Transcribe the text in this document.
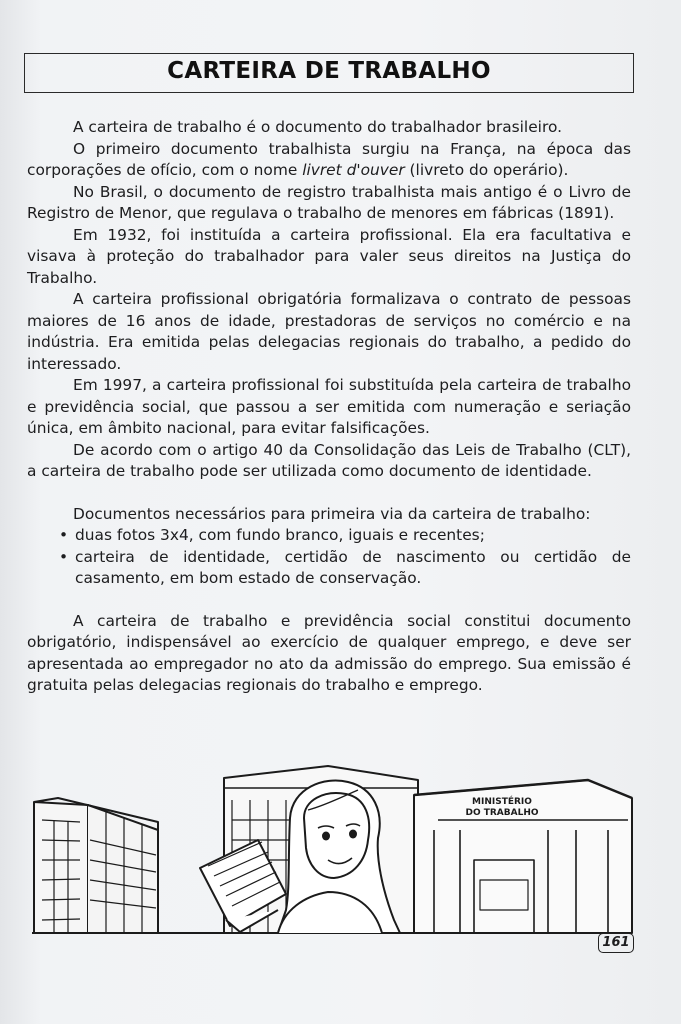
CARTEIRA DE TRABALHO

A carteira de trabalho é o documento do trabalhador brasileiro.

O primeiro documento trabalhista surgiu na França, na época das corporações de ofício, com o nome livret d'ouver (livreto do operário).

No Brasil, o documento de registro trabalhista mais antigo é o Livro de Registro de Menor, que regulava o trabalho de menores em fábricas (1891).

Em 1932, foi instituída a carteira profissional. Ela era facultativa e visava à proteção do trabalhador para valer seus direitos na Justiça do Trabalho.

A carteira profissional obrigatória formalizava o contrato de pessoas maiores de 16 anos de idade, prestadoras de serviços no comércio e na indústria. Era emitida pelas delegacias regionais do trabalho, a pedido do interessado.

Em 1997, a carteira profissional foi substituída pela carteira de trabalho e previdência social, que passou a ser emitida com numeração e seriação única, em âmbito nacional, para evitar falsificações.

De acordo com o artigo 40 da Consolidação das Leis de Trabalho (CLT), a carteira de trabalho pode ser utilizada como documento de identidade.

Documentos necessários para primeira via da carteira de trabalho:

• duas fotos 3x4, com fundo branco, iguais e recentes;

• carteira de identidade, certidão de nascimento ou certidão de casamento, em bom estado de conservação.

A carteira de trabalho e previdência social constitui documento obrigatório, indispensável ao exercício de qualquer emprego, e deve ser apresentada ao empregador no ato da admissão do emprego. Sua emissão é gratuita pelas delegacias regionais do trabalho e emprego.

MINISTÉRIO
DO TRABALHO
161
